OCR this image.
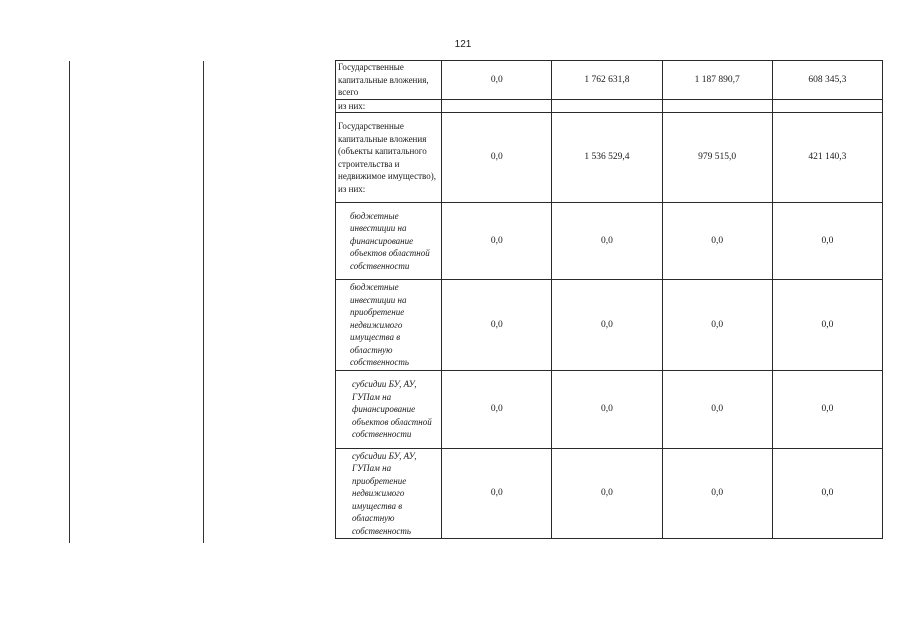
121
Государственные капитальные вложения, всего	0,0	1 762 631,8	1 187 890,7	608 345,3
из них:				
Государственные капитальные вложения (объекты капитального строительства и недвижимое имущество), из них:	0,0	1 536 529,4	979 515,0	421 140,3
бюджетные инвестиции на финансирование объектов областной собственности	0,0	0,0	0,0	0,0
бюджетные инвестиции на приобретение недвижимого имущества в областную собственность	0,0	0,0	0,0	0,0
субсидии БУ, АУ, ГУПам на финансирование объектов областной собственности	0,0	0,0	0,0	0,0
субсидии БУ, АУ, ГУПам на приобретение недвижимого имущества в областную собственность	0,0	0,0	0,0	0,0
